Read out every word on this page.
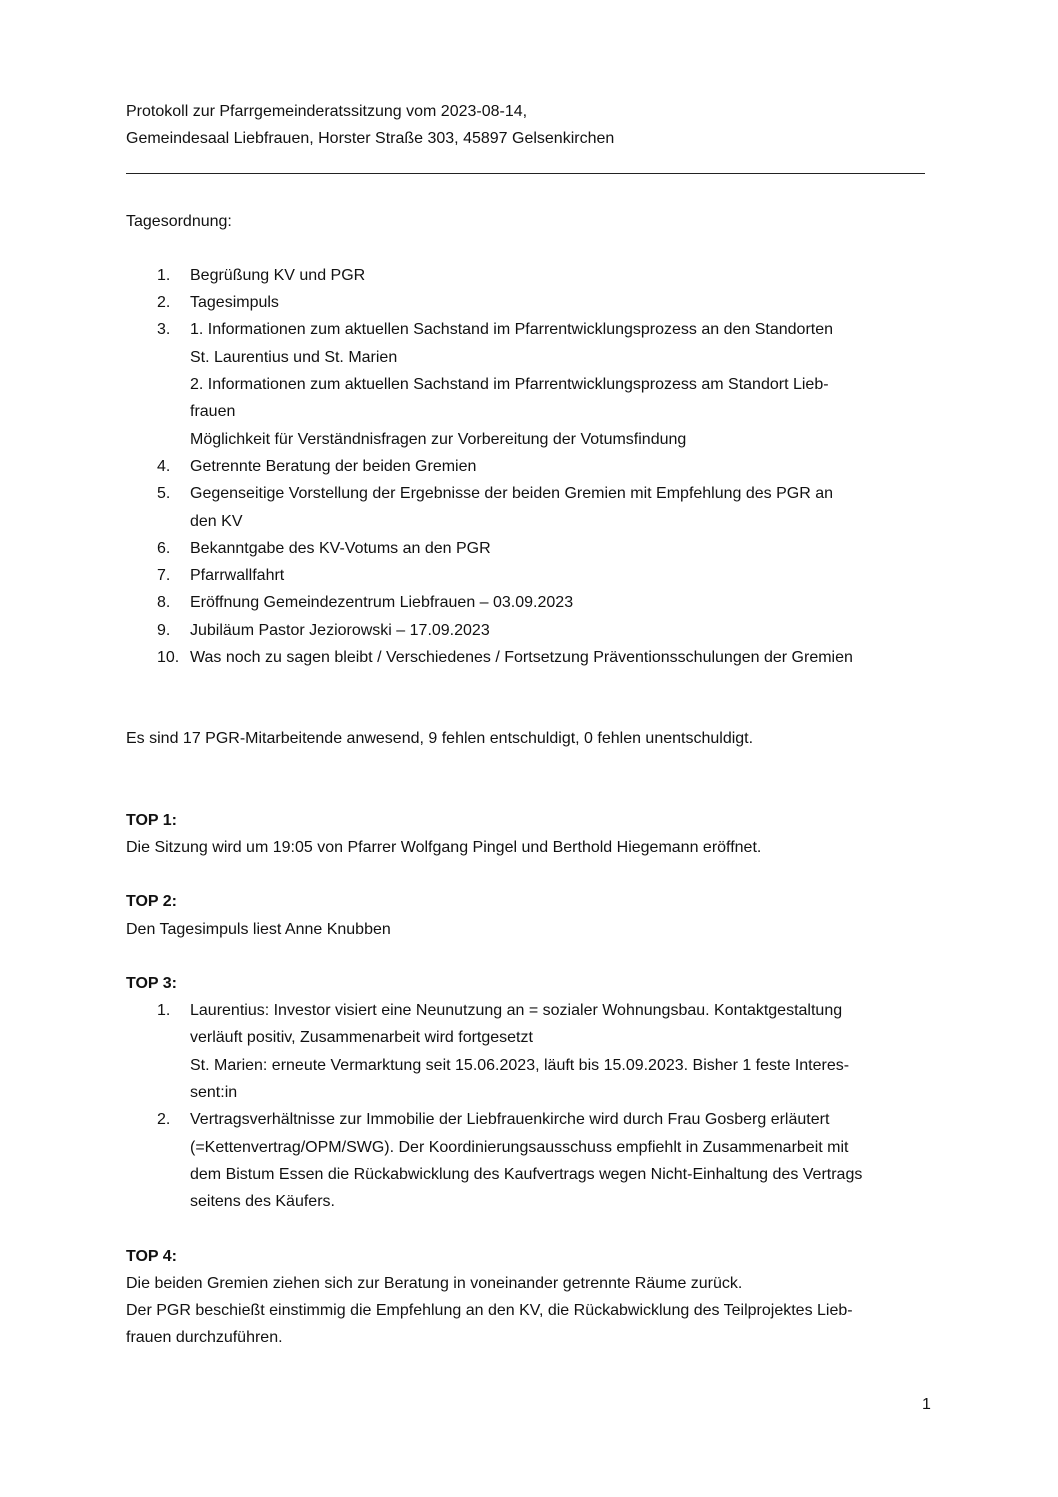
Protokoll zur Pfarrgemeinderatssitzung vom 2023-08-14,
Gemeindesaal Liebfrauen, Horster Straße 303, 45897 Gelsenkirchen
Tagesordnung:
1. Begrüßung KV und PGR
2. Tagesimpuls
3. 1. Informationen zum aktuellen Sachstand im Pfarrentwicklungsprozess an den Standorten
St. Laurentius und St. Marien
2. Informationen zum aktuellen Sachstand im Pfarrentwicklungsprozess am Standort Lieb-
frauen
Möglichkeit für Verständnisfragen zur Vorbereitung der Votumsfindung
4. Getrennte Beratung der beiden Gremien
5. Gegenseitige Vorstellung der Ergebnisse der beiden Gremien mit Empfehlung des PGR an
den KV
6. Bekanntgabe des KV-Votums an den PGR
7. Pfarrwallfahrt
8. Eröffnung Gemeindezentrum Liebfrauen – 03.09.2023
9. Jubiläum Pastor Jeziorowski – 17.09.2023
10. Was noch zu sagen bleibt / Verschiedenes / Fortsetzung Präventionsschulungen der Gremien
Es sind 17 PGR-Mitarbeitende anwesend, 9 fehlen entschuldigt, 0 fehlen unentschuldigt.
TOP 1:
Die Sitzung wird um 19:05 von Pfarrer Wolfgang Pingel und Berthold Hiegemann eröffnet.
TOP 2:
Den Tagesimpuls liest Anne Knubben
TOP 3:
1. Laurentius: Investor visiert eine Neunutzung an = sozialer Wohnungsbau. Kontaktgestaltung
verläuft positiv, Zusammenarbeit wird fortgesetzt
St. Marien: erneute Vermarktung seit 15.06.2023, läuft bis 15.09.2023. Bisher 1 feste Interes-
sent:in
2. Vertragsverhältnisse zur Immobilie der Liebfrauenkirche wird durch Frau Gosberg erläutert
(=Kettenvertrag/OPM/SWG). Der Koordinierungsausschuss empfiehlt in Zusammenarbeit mit
dem Bistum Essen die Rückabwicklung des Kaufvertrags wegen Nicht-Einhaltung des Vertrags
seitens des Käufers.
TOP 4:
Die beiden Gremien ziehen sich zur Beratung in voneinander getrennte Räume zurück.
Der PGR beschießt einstimmig die Empfehlung an den KV, die Rückabwicklung des Teilprojektes Lieb-
frauen durchzuführen.
1
